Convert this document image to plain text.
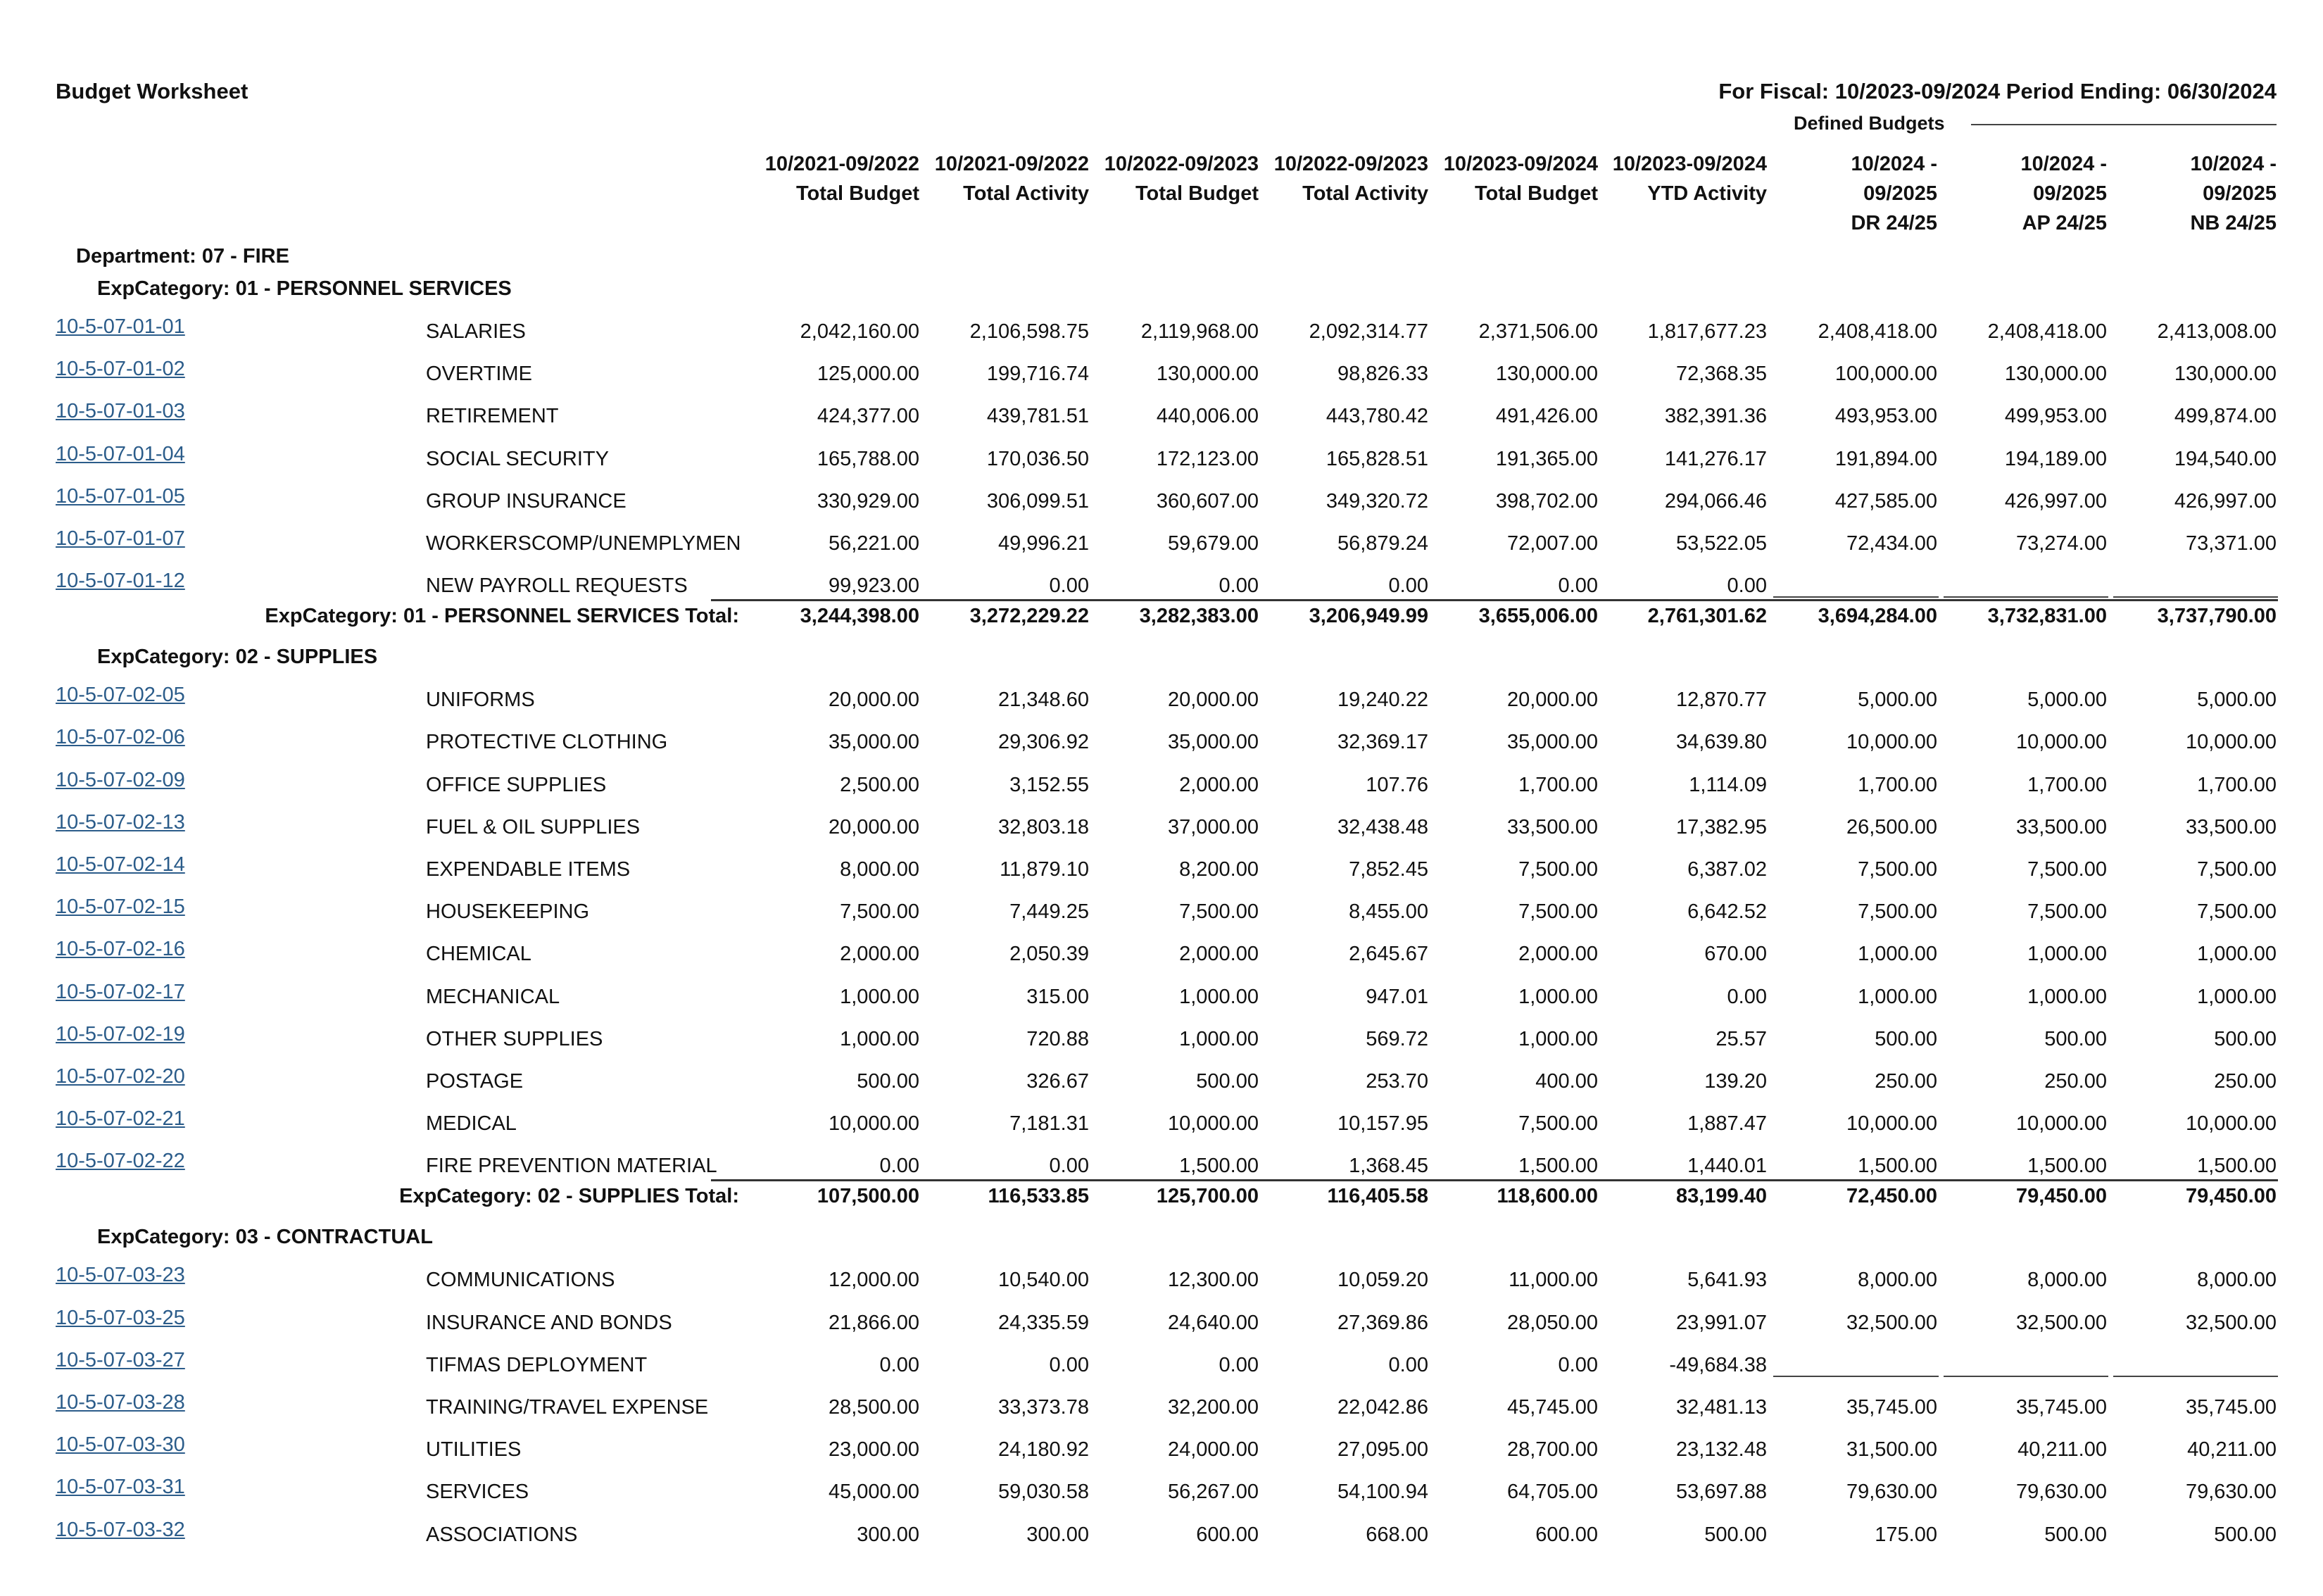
Budget Worksheet	For Fiscal: 10/2023-09/2024 Period Ending: 06/30/2024
Defined Budgets
10/2021-09/2022
Total Budget
10/2021-09/2022
Total Activity
10/2022-09/2023
Total Budget
10/2022-09/2023
Total Activity
10/2023-09/2024
Total Budget
10/2023-09/2024
YTD Activity
10/2024 -
09/2025
DR 24/25
10/2024 -
09/2025
AP 24/25
10/2024 -
09/2025
NB 24/25
Department: 07 - FIRE
ExpCategory: 01 - PERSONNEL SERVICES
10-5-07-01-01	SALARIES	2,042,160.00	2,106,598.75	2,119,968.00	2,092,314.77	2,371,506.00	1,817,677.23	2,408,418.00	2,408,418.00	2,413,008.00
10-5-07-01-02	OVERTIME	125,000.00	199,716.74	130,000.00	98,826.33	130,000.00	72,368.35	100,000.00	130,000.00	130,000.00
10-5-07-01-03	RETIREMENT	424,377.00	439,781.51	440,006.00	443,780.42	491,426.00	382,391.36	493,953.00	499,953.00	499,874.00
10-5-07-01-04	SOCIAL SECURITY	165,788.00	170,036.50	172,123.00	165,828.51	191,365.00	141,276.17	191,894.00	194,189.00	194,540.00
10-5-07-01-05	GROUP INSURANCE	330,929.00	306,099.51	360,607.00	349,320.72	398,702.00	294,066.46	427,585.00	426,997.00	426,997.00
10-5-07-01-07	WORKERSCOMP/UNEMPLYMEN	56,221.00	49,996.21	59,679.00	56,879.24	72,007.00	53,522.05	72,434.00	73,274.00	73,371.00
10-5-07-01-12	NEW PAYROLL REQUESTS	99,923.00	0.00	0.00	0.00	0.00	0.00
ExpCategory: 01 - PERSONNEL SERVICES Total:	3,244,398.00	3,272,229.22	3,282,383.00	3,206,949.99	3,655,006.00	2,761,301.62	3,694,284.00	3,732,831.00	3,737,790.00
ExpCategory: 02 - SUPPLIES
10-5-07-02-05	UNIFORMS	20,000.00	21,348.60	20,000.00	19,240.22	20,000.00	12,870.77	5,000.00	5,000.00	5,000.00
10-5-07-02-06	PROTECTIVE CLOTHING	35,000.00	29,306.92	35,000.00	32,369.17	35,000.00	34,639.80	10,000.00	10,000.00	10,000.00
10-5-07-02-09	OFFICE SUPPLIES	2,500.00	3,152.55	2,000.00	107.76	1,700.00	1,114.09	1,700.00	1,700.00	1,700.00
10-5-07-02-13	FUEL & OIL SUPPLIES	20,000.00	32,803.18	37,000.00	32,438.48	33,500.00	17,382.95	26,500.00	33,500.00	33,500.00
10-5-07-02-14	EXPENDABLE ITEMS	8,000.00	11,879.10	8,200.00	7,852.45	7,500.00	6,387.02	7,500.00	7,500.00	7,500.00
10-5-07-02-15	HOUSEKEEPING	7,500.00	7,449.25	7,500.00	8,455.00	7,500.00	6,642.52	7,500.00	7,500.00	7,500.00
10-5-07-02-16	CHEMICAL	2,000.00	2,050.39	2,000.00	2,645.67	2,000.00	670.00	1,000.00	1,000.00	1,000.00
10-5-07-02-17	MECHANICAL	1,000.00	315.00	1,000.00	947.01	1,000.00	0.00	1,000.00	1,000.00	1,000.00
10-5-07-02-19	OTHER SUPPLIES	1,000.00	720.88	1,000.00	569.72	1,000.00	25.57	500.00	500.00	500.00
10-5-07-02-20	POSTAGE	500.00	326.67	500.00	253.70	400.00	139.20	250.00	250.00	250.00
10-5-07-02-21	MEDICAL	10,000.00	7,181.31	10,000.00	10,157.95	7,500.00	1,887.47	10,000.00	10,000.00	10,000.00
10-5-07-02-22	FIRE PREVENTION MATERIAL	0.00	0.00	1,500.00	1,368.45	1,500.00	1,440.01	1,500.00	1,500.00	1,500.00
ExpCategory: 02 - SUPPLIES Total:	107,500.00	116,533.85	125,700.00	116,405.58	118,600.00	83,199.40	72,450.00	79,450.00	79,450.00
ExpCategory: 03 - CONTRACTUAL
10-5-07-03-23	COMMUNICATIONS	12,000.00	10,540.00	12,300.00	10,059.20	11,000.00	5,641.93	8,000.00	8,000.00	8,000.00
10-5-07-03-25	INSURANCE AND BONDS	21,866.00	24,335.59	24,640.00	27,369.86	28,050.00	23,991.07	32,500.00	32,500.00	32,500.00
10-5-07-03-27	TIFMAS DEPLOYMENT	0.00	0.00	0.00	0.00	0.00	-49,684.38
10-5-07-03-28	TRAINING/TRAVEL EXPENSE	28,500.00	33,373.78	32,200.00	22,042.86	45,745.00	32,481.13	35,745.00	35,745.00	35,745.00
10-5-07-03-30	UTILITIES	23,000.00	24,180.92	24,000.00	27,095.00	28,700.00	23,132.48	31,500.00	40,211.00	40,211.00
10-5-07-03-31	SERVICES	45,000.00	59,030.58	56,267.00	54,100.94	64,705.00	53,697.88	79,630.00	79,630.00	79,630.00
10-5-07-03-32	ASSOCIATIONS	300.00	300.00	600.00	668.00	600.00	500.00	175.00	500.00	500.00
